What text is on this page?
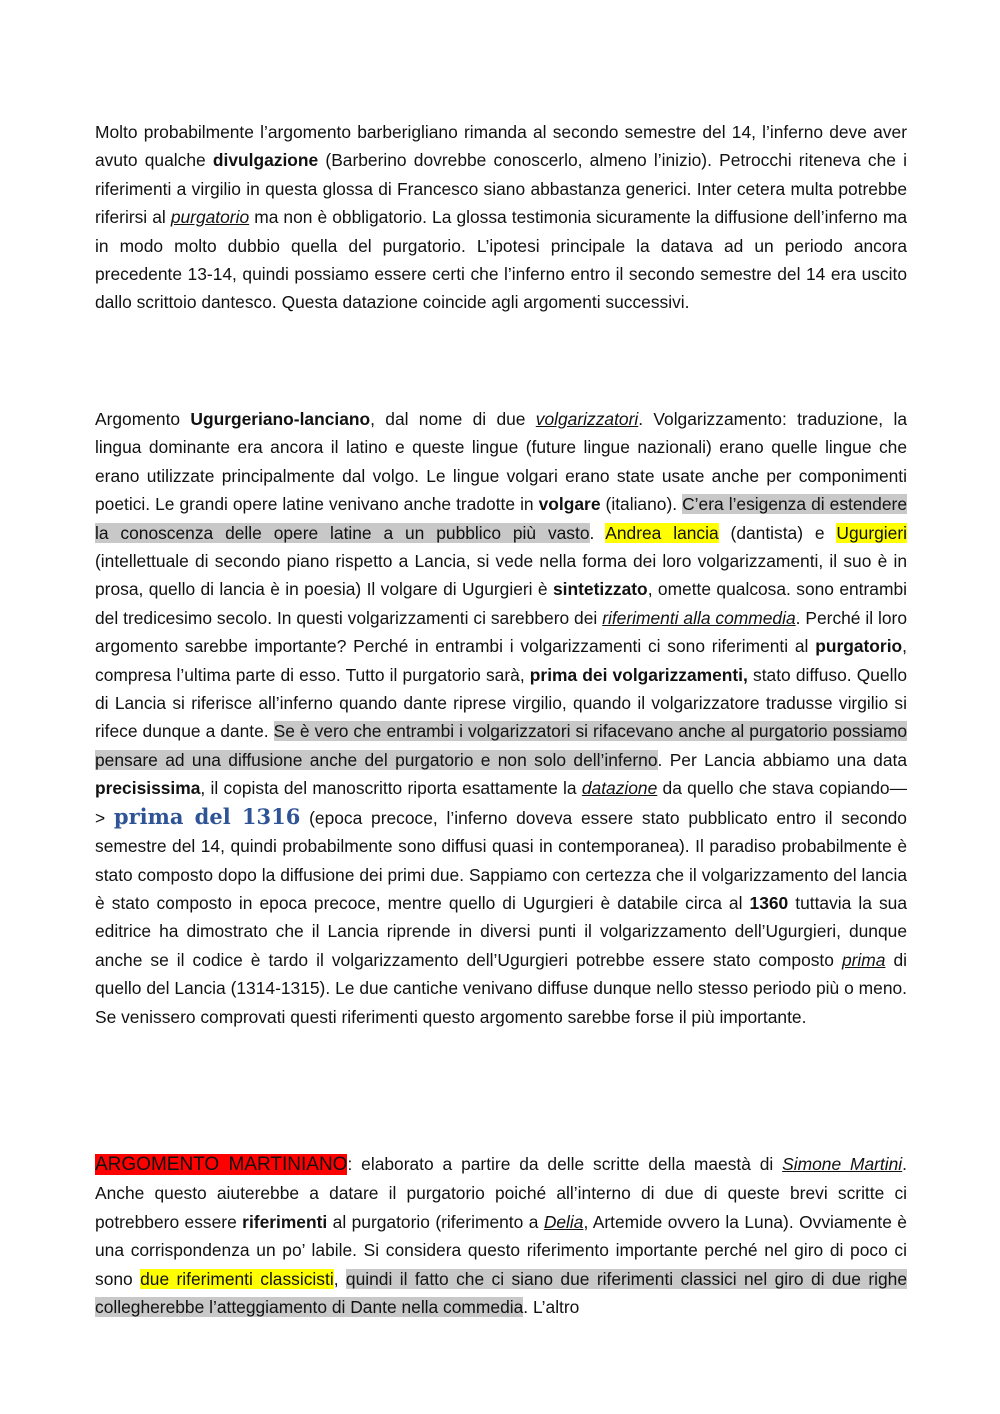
Molto probabilmente l’argomento barberigliano rimanda al secondo semestre del 14, l’inferno deve aver avuto qualche divulgazione (Barberino dovrebbe conoscerlo, almeno l’inizio). Petrocchi riteneva che i riferimenti a virgilio in questa glossa di Francesco siano abbastanza generici. Inter cetera multa potrebbe riferirsi al purgatorio ma non è obbligatorio. La glossa testimonia sicuramente la diffusione dell’inferno ma in modo molto dubbio quella del purgatorio. L’ipotesi principale la datava ad un periodo ancora precedente 13-14, quindi possiamo essere certi che l’inferno entro il secondo semestre del 14 era uscito dallo scrittoio dantesco. Questa datazione coincide agli argomenti successivi.

Argomento Ugurgeriano-lanciano, dal nome di due volgarizzatori. Volgarizzamento: traduzione, la lingua dominante era ancora il latino e queste lingue (future lingue nazionali) erano quelle lingue che erano utilizzate principalmente dal volgo. Le lingue volgari erano state usate anche per componimenti poetici. Le grandi opere latine venivano anche tradotte in volgare (italiano). C’era l’esigenza di estendere la conoscenza delle opere latine a un pubblico più vasto. Andrea lancia (dantista) e Ugurgieri (intellettuale di secondo piano rispetto a Lancia, si vede nella forma dei loro volgarizzamenti, il suo è in prosa, quello di lancia è in poesia) Il volgare di Ugurgieri è sintetizzato, omette qualcosa. sono entrambi del tredicesimo secolo. In questi volgarizzamenti ci sarebbero dei riferimenti alla commedia. Perché il loro argomento sarebbe importante? Perché in entrambi i volgarizzamenti ci sono riferimenti al purgatorio, compresa l’ultima parte di esso. Tutto il purgatorio sarà, prima dei volgarizzamenti, stato diffuso. Quello di Lancia si riferisce all’inferno quando dante riprese virgilio, quando il volgarizzatore tradusse virgilio si rifece dunque a dante. Se è vero che entrambi i volgarizzatori si rifacevano anche al purgatorio possiamo pensare ad una diffusione anche del purgatorio e non solo dell’inferno. Per Lancia abbiamo una data precisissima, il copista del manoscritto riporta esattamente la datazione da quello che stava copiando—> prima del 1316 (epoca precoce, l’inferno doveva essere stato pubblicato entro il secondo semestre del 14, quindi probabilmente sono diffusi quasi in contemporanea). Il paradiso probabilmente è stato composto dopo la diffusione dei primi due. Sappiamo con certezza che il volgarizzamento del lancia è stato composto in epoca precoce, mentre quello di Ugurgieri è databile circa al 1360 tuttavia la sua editrice ha dimostrato che il Lancia riprende in diversi punti il volgarizzamento dell’Ugurgieri, dunque anche se il codice è tardo il volgarizzamento dell’Ugurgieri potrebbe essere stato composto prima di quello del Lancia (1314-1315). Le due cantiche venivano diffuse dunque nello stesso periodo più o meno. Se venissero comprovati questi riferimenti questo argomento sarebbe forse il più importante.

ARGOMENTO MARTINIANO: elaborato a partire da delle scritte della maestà di Simone Martini. Anche questo aiuterebbe a datare il purgatorio poiché all’interno di due di queste brevi scritte ci potrebbero essere riferimenti al purgatorio (riferimento a Delia, Artemide ovvero la Luna). Ovviamente è una corrispondenza un po’ labile. Si considera questo riferimento importante perché nel giro di poco ci sono due riferimenti classicisti, quindi il fatto che ci siano due riferimenti classici nel giro di due righe collegherebbe l’atteggiamento di Dante nella commedia. L’altro
